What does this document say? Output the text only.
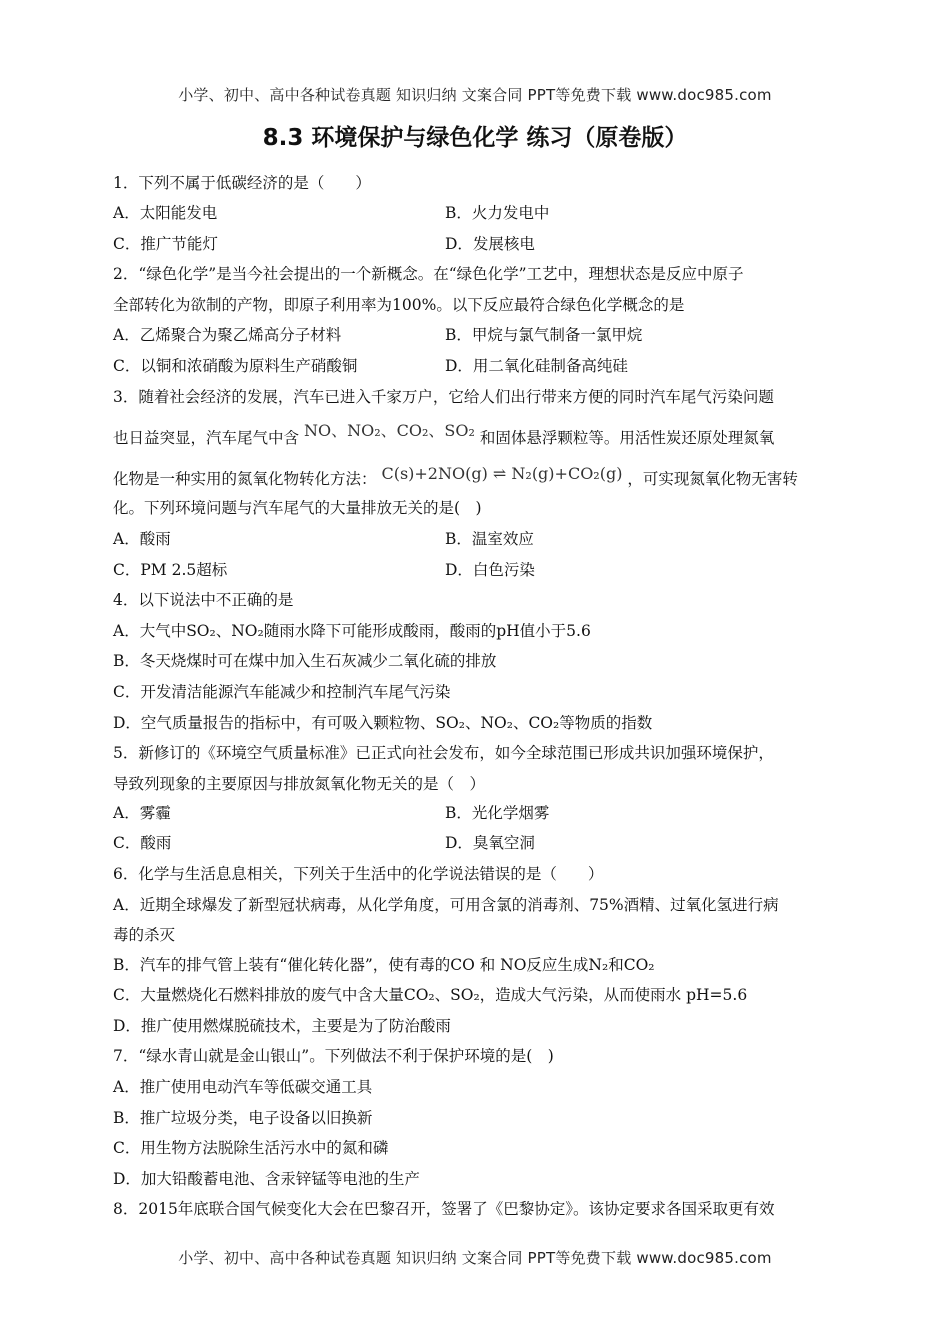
小学、初中、高中各种试卷真题 知识归纳 文案合同 PPT等免费下载 www.doc985.com
8.3 环境保护与绿色化学 练习（原卷版）
1．下列不属于低碳经济的是（　　）
A．太阳能发电	B．火力发电中
C．推广节能灯	D．发展核电
2．“绿色化学”是当今社会提出的一个新概念。在“绿色化学”工艺中，理想状态是反应中原子
全部转化为欲制的产物，即原子利用率为100%。以下反应最符合绿色化学概念的是
A．乙烯聚合为聚乙烯高分子材料	B．甲烷与氯气制备一氯甲烷
C．以铜和浓硝酸为原料生产硝酸铜	D．用二氧化硅制备高纯硅
3．随着社会经济的发展，汽车已进入千家万户，它给人们出行带来方便的同时汽车尾气污染问题
也日益突显，汽车尾气中含 NO、NO₂、CO₂、SO₂ 和固体悬浮颗粒等。用活性炭还原处理氮氧
化物是一种实用的氮氧化物转化方法： C(s)+2NO(g) ⇌ N₂(g)+CO₂(g) ，可实现氮氧化物无害转
化。下列环境问题与汽车尾气的大量排放无关的是(　)
A．酸雨	B．温室效应
C．PM 2.5超标	D．白色污染
4．以下说法中不正确的是
A．大气中SO₂、NO₂随雨水降下可能形成酸雨，酸雨的pH值小于5.6
B．冬天烧煤时可在煤中加入生石灰减少二氧化硫的排放
C．开发清洁能源汽车能减少和控制汽车尾气污染
D．空气质量报告的指标中，有可吸入颗粒物、SO₂、NO₂、CO₂等物质的指数
5．新修订的《环境空气质量标准》已正式向社会发布，如今全球范围已形成共识加强环境保护，
导致列现象的主要原因与排放氮氧化物无关的是（　）
A．雾霾	B．光化学烟雾
C．酸雨	D．臭氧空洞
6．化学与生活息息相关，下列关于生活中的化学说法错误的是（　　）
A．近期全球爆发了新型冠状病毒，从化学角度，可用含氯的消毒剂、75%酒精、过氧化氢进行病
毒的杀灭
B．汽车的排气管上装有“催化转化器”，使有毒的CO 和 NO反应生成N₂和CO₂
C．大量燃烧化石燃料排放的废气中含大量CO₂、SO₂，造成大气污染，从而使雨水 pH=5.6
D．推广使用燃煤脱硫技术，主要是为了防治酸雨
7．“绿水青山就是金山银山”。下列做法不利于保护环境的是(　)
A．推广使用电动汽车等低碳交通工具
B．推广垃圾分类，电子设备以旧换新
C．用生物方法脱除生活污水中的氮和磷
D．加大铅酸蓄电池、含汞锌锰等电池的生产
8．2015年底联合国气候变化大会在巴黎召开，签署了《巴黎协定》。该协定要求各国采取更有效
小学、初中、高中各种试卷真题 知识归纳 文案合同 PPT等免费下载 www.doc985.com
